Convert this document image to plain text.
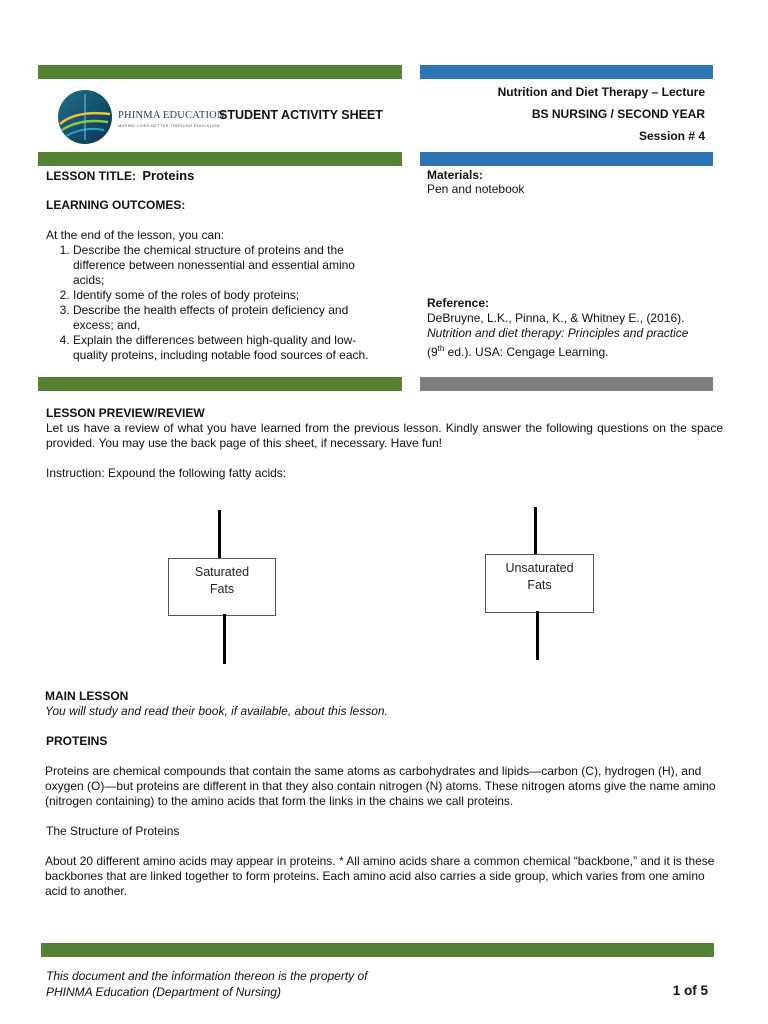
PHINMA EDUCATION
MAKING LIVES BETTER THROUGH EDUCATION
STUDENT ACTIVITY SHEET
Nutrition and Diet Therapy – Lecture
BS NURSING / SECOND YEAR
Session # 4
LESSON TITLE: Proteins
LEARNING OUTCOMES:
At the end of the lesson, you can:
1. Describe the chemical structure of proteins and the difference between nonessential and essential amino acids;
2. Identify some of the roles of body proteins;
3. Describe the health effects of protein deficiency and excess; and,
4. Explain the differences between high-quality and low-quality proteins, including notable food sources of each.
Materials:
Pen and notebook
Reference:
DeBruyne, L.K., Pinna, K., & Whitney E., (2016).
Nutrition and diet therapy: Principles and practice
(9th ed.). USA: Cengage Learning.
LESSON PREVIEW/REVIEW
Let us have a review of what you have learned from the previous lesson. Kindly answer the following questions on the space provided. You may use the back page of this sheet, if necessary. Have fun!
Instruction: Expound the following fatty acids:
Saturated
Fats
Unsaturated
Fats
MAIN LESSON
You will study and read their book, if available, about this lesson.
PROTEINS
Proteins are chemical compounds that contain the same atoms as carbohydrates and lipids—carbon (C), hydrogen (H), and oxygen (O)—but proteins are different in that they also contain nitrogen (N) atoms. These nitrogen atoms give the name amino (nitrogen containing) to the amino acids that form the links in the chains we call proteins.
The Structure of Proteins
About 20 different amino acids may appear in proteins. * All amino acids share a common chemical “backbone,” and it is these backbones that are linked together to form proteins. Each amino acid also carries a side group, which varies from one amino acid to another.
This document and the information thereon is the property of
PHINMA Education (Department of Nursing)	1 of 5
